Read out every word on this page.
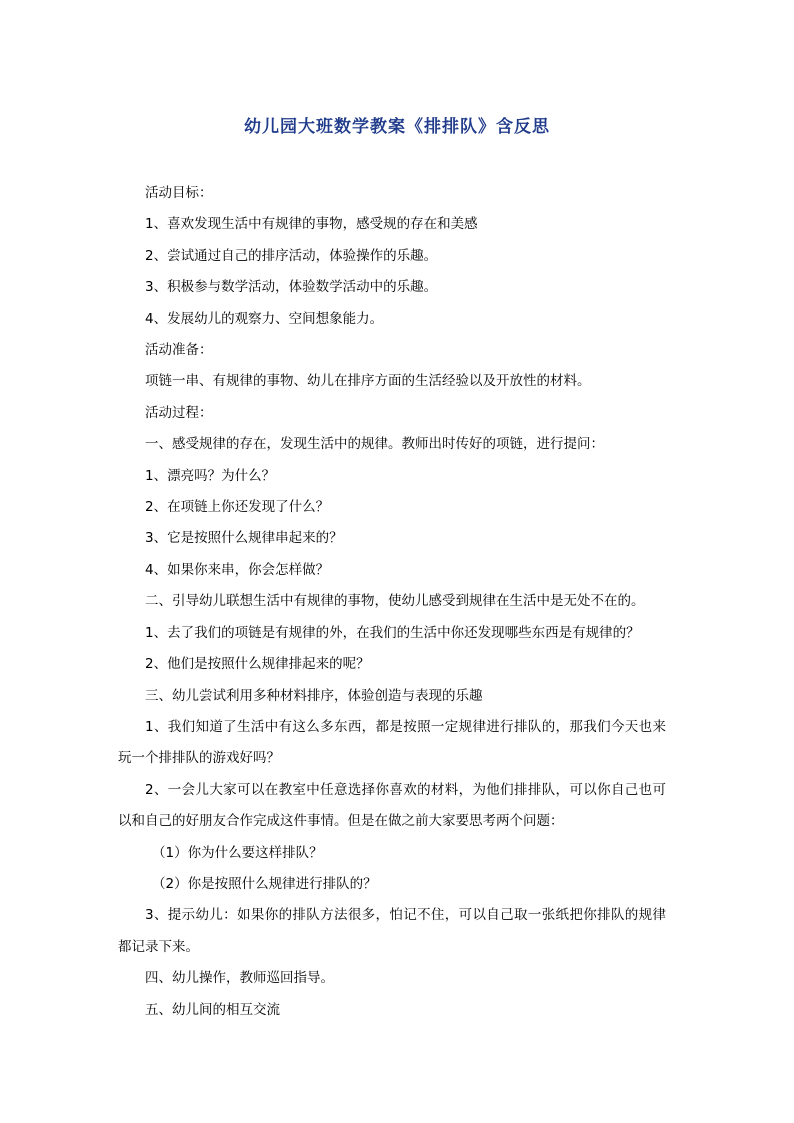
幼儿园大班数学教案《排排队》含反思

活动目标：

1、喜欢发现生活中有规律的事物，感受规的存在和美感

2、尝试通过自己的排序活动，体验操作的乐趣。

3、积极参与数学活动，体验数学活动中的乐趣。

4、发展幼儿的观察力、空间想象能力。

活动准备：

项链一串、有规律的事物、幼儿在排序方面的生活经验以及开放性的材料。

活动过程：

一、感受规律的存在，发现生活中的规律。教师出时传好的项链，进行提问：

1、漂亮吗？为什么？

2、在项链上你还发现了什么？

3、它是按照什么规律串起来的？

4、如果你来串，你会怎样做？

二、引导幼儿联想生活中有规律的事物，使幼儿感受到规律在生活中是无处不在的。

1、去了我们的项链是有规律的外，在我们的生活中你还发现哪些东西是有规律的？

2、他们是按照什么规律排起来的呢？

三、幼儿尝试利用多种材料排序，体验创造与表现的乐趣

1、我们知道了生活中有这么多东西，都是按照一定规律进行排队的，那我们今天也来玩一个排排队的游戏好吗？

2、一会儿大家可以在教室中任意选择你喜欢的材料，为他们排排队，可以你自己也可以和自己的好朋友合作完成这件事情。但是在做之前大家要思考两个问题：

（1）你为什么要这样排队？

（2）你是按照什么规律进行排队的？

3、提示幼儿：如果你的排队方法很多，怕记不住，可以自己取一张纸把你排队的规律都记录下来。

四、幼儿操作，教师巡回指导。

五、幼儿间的相互交流
